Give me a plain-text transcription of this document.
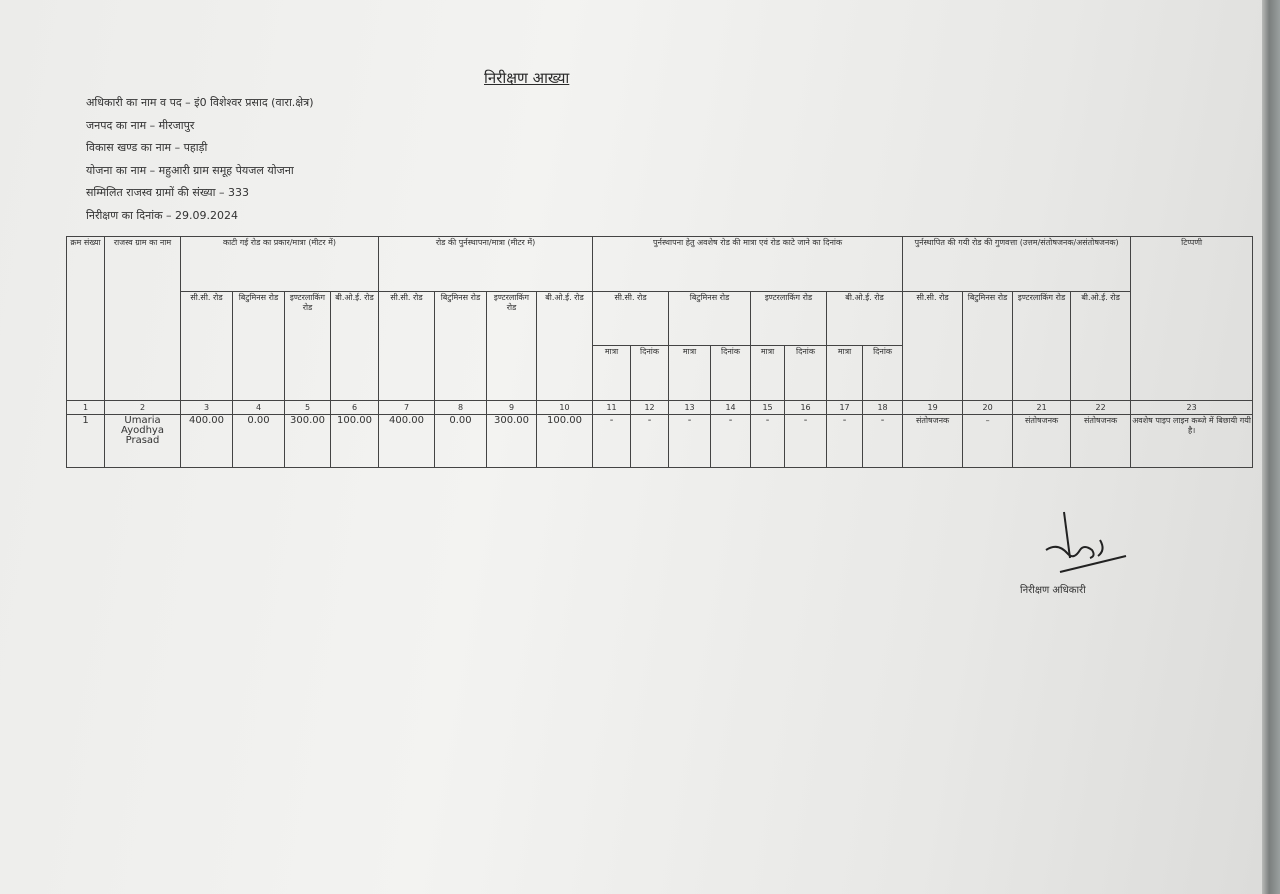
निरीक्षण आख्या
अधिकारी का नाम व पद – इं0 विशेश्वर प्रसाद (वारा.क्षेत्र)
जनपद का नाम – मीरजापुर
विकास खण्ड का नाम – पहाड़ी
योजना का नाम – महुआरी ग्राम समूह पेयजल योजना
सम्मिलित राजस्व ग्रामों की संख्या – 333
निरीक्षण का दिनांक – 29.09.2024
क्रम संख्या	राजस्व ग्राम का नाम	काटी गई रोड का प्रकार/मात्रा (मीटर में)				रोड की पुर्नस्थापना/मात्रा (मीटर में)				पुर्नस्थापना हेतु अवशेष रोड की मात्रा एवं रोड काटे जाने का दिनांक								पुर्नस्थापित की गयी रोड की गुणवत्ता (उत्तम/संतोषजनक/असंतोषजनक)				टिप्पणी
		सी.सी. रोड	बिटुमिनस रोड	इण्टरलाकिंग रोड	बी.ओ.ई. रोड	सी.सी. रोड	बिटुमिनस रोड	इण्टरलाकिंग रोड	बी.ओ.ई. रोड	सी.सी. रोड		बिटुमिनस रोड		इण्टरलाकिंग रोड		बी.ओ.ई. रोड		सी.सी. रोड	बिटुमिनस रोड	इण्टरलाकिंग रोड	बी.ओ.ई. रोड	
										मात्रा	दिनांक	मात्रा	दिनांक	मात्रा	दिनांक	मात्रा	दिनांक					
1	2	3	4	5	6	7	8	9	10	11	12	13	14	15	16	17	18	19	20	21	22	23
1	Umaria Ayodhya Prasad	400.00	0.00	300.00	100.00	400.00	0.00	300.00	100.00	-	-	-	-	-	-	-	-	संतोषजनक	–	संतोषजनक	संतोषजनक	अवशेष पाइप लाइन कब्जे में बिछायी गयी है।
निरीक्षण अधिकारी
